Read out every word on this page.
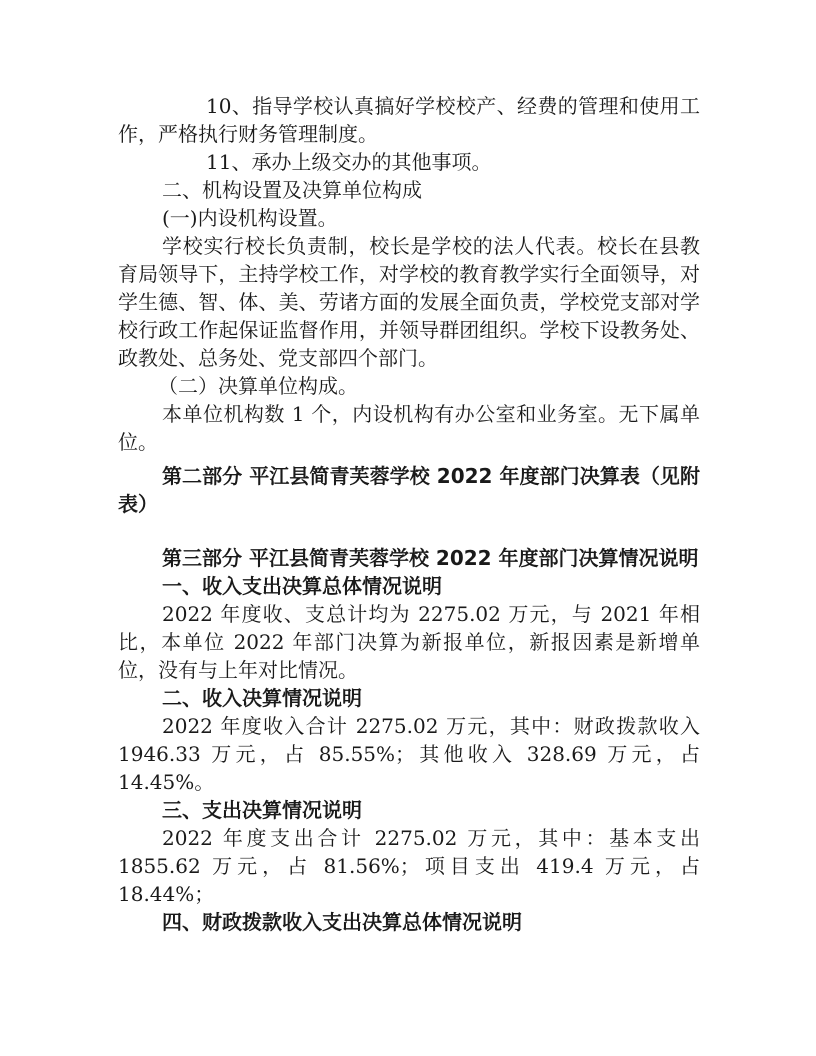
10、指导学校认真搞好学校校产、经费的管理和使用工作，严格执行财务管理制度。

11、承办上级交办的其他事项。

二、机构设置及决算单位构成

(一)内设机构设置。

学校实行校长负责制，校长是学校的法人代表。校长在县教育局领导下，主持学校工作，对学校的教育教学实行全面领导，对学生德、智、体、美、劳诸方面的发展全面负责，学校党支部对学校行政工作起保证监督作用，并领导群团组织。学校下设教务处、政教处、总务处、党支部四个部门。

（二）决算单位构成。

本单位机构数 1 个，内设机构有办公室和业务室。无下属单位。

第二部分 平江县简青芙蓉学校 2022 年度部门决算表（见附表）

第三部分 平江县简青芙蓉学校 2022 年度部门决算情况说明

一、收入支出决算总体情况说明

2022 年度收、支总计均为 2275.02 万元，与 2021 年相比，本单位 2022 年部门决算为新报单位，新报因素是新增单位，没有与上年对比情况。

二、收入决算情况说明

2022 年度收入合计 2275.02 万元，其中：财政拨款收入 1946.33 万元，占 85.55%；其他收入 328.69 万元，占 14.45%。

三、支出决算情况说明

2022 年度支出合计 2275.02 万元，其中：基本支出 1855.62 万元，占 81.56%；项目支出 419.4 万元，占 18.44%；

四、财政拨款收入支出决算总体情况说明
